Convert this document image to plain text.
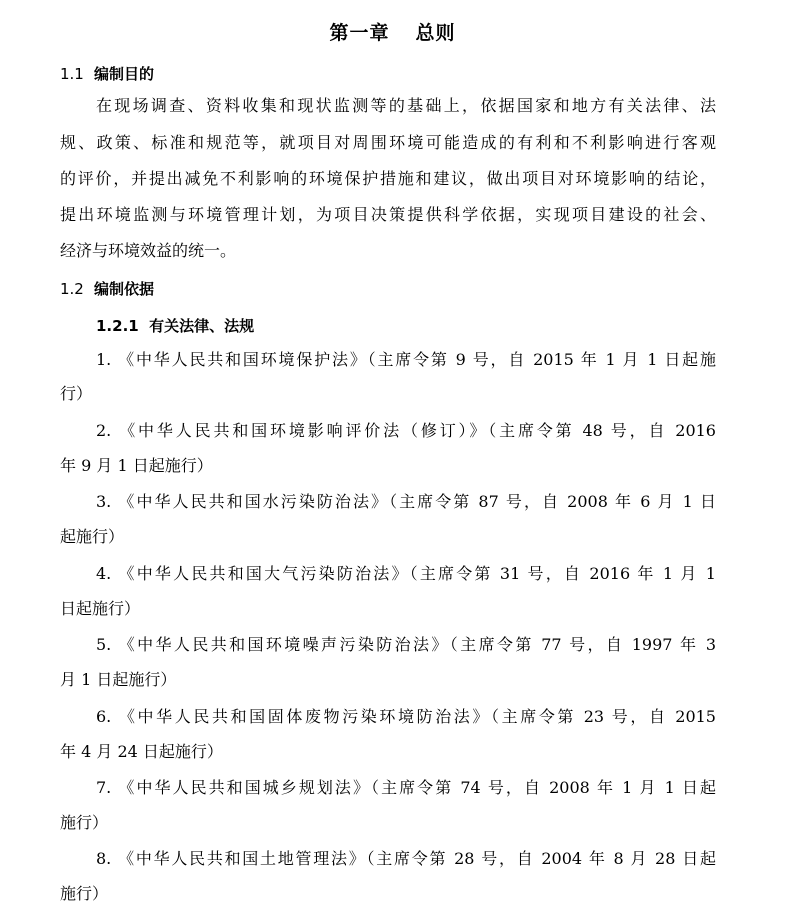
第一章 总则
1.1 编制目的
在现场调查、资料收集和现状监测等的基础上，依据国家和地方有关法律、法
规、政策、标准和规范等，就项目对周围环境可能造成的有利和不利影响进行客观
的评价，并提出减免不利影响的环境保护措施和建议，做出项目对环境影响的结论，
提出环境监测与环境管理计划，为项目决策提供科学依据，实现项目建设的社会、
经济与环境效益的统一。
1.2 编制依据
1.2.1 有关法律、法规
1. 《中华人民共和国环境保护法》（主席令第 9 号，自 2015 年 1 月 1 日起施
行）
2. 《中华人民共和国环境影响评价法（修订）》（主席令第 48 号，自 2016
年 9 月 1 日起施行）
3. 《中华人民共和国水污染防治法》（主席令第 87 号，自 2008 年 6 月 1 日
起施行）
4. 《中华人民共和国大气污染防治法》（主席令第 31 号，自 2016 年 1 月 1
日起施行）
5. 《中华人民共和国环境噪声污染防治法》（主席令第 77 号，自 1997 年 3
月 1 日起施行）
6. 《中华人民共和国固体废物污染环境防治法》（主席令第 23 号，自 2015
年 4 月 24 日起施行）
7. 《中华人民共和国城乡规划法》（主席令第 74 号，自 2008 年 1 月 1 日起
施行）
8. 《中华人民共和国土地管理法》（主席令第 28 号，自 2004 年 8 月 28 日起
施行）
